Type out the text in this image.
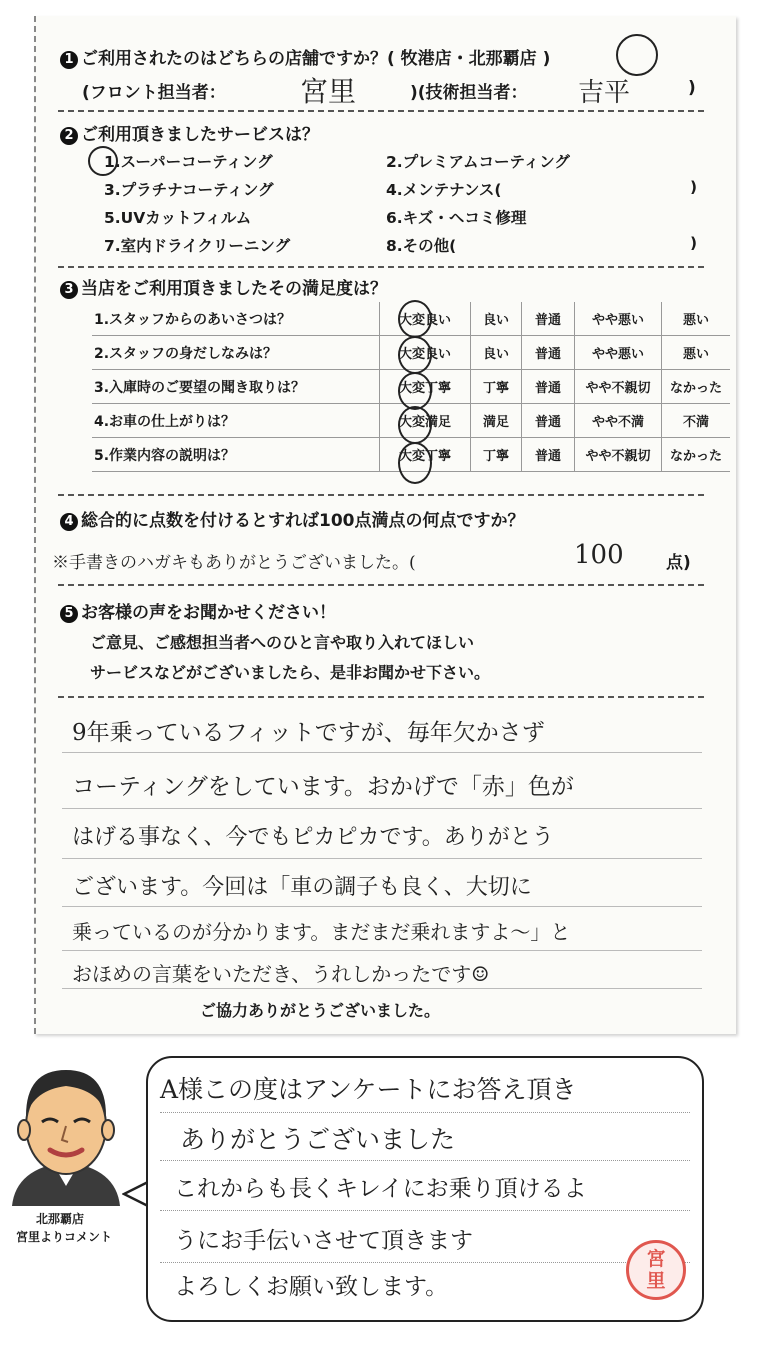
1 ご利用されたのはどちらの店舗ですか？( 牧港店・北那覇店 )
(フロント担当者：	宮里	)(技術担当者： 吉平	)
2 ご利用頂きましたサービスは？
1.スーパーコーティング	2.プレミアムコーティング
3.プラチナコーティング	4.メンテナンス(	)
5.UVカットフィルム	6.キズ・ヘコミ修理
7.室内ドライクリーニング	8.その他(	)
3 当店をご利用頂きましたその満足度は？
1.スタッフからのあいさつは？	大変良い	良い	普通	やや悪い	悪い
2.スタッフの身だしなみは？	大変良い	良い	普通	やや悪い	悪い
3.入庫時のご要望の聞き取りは？	大変丁寧	丁寧	普通	やや不親切	なかった
4.お車の仕上がりは？	大変満足	満足	普通	やや不満	不満
5.作業内容の説明は？	大変丁寧	丁寧	普通	やや不親切	なかった
4 総合的に点数を付けるとすれば100点満点の何点ですか？
※手書きのハガキもありがとうございました。(	100 点)
5 お客様の声をお聞かせください！
ご意見、ご感想担当者へのひと言や取り入れてほしい
サービスなどがございましたら、是非お聞かせ下さい。
9年乗っているフィットですが、毎年欠かさず
コーティングをしています。おかげで「赤」色が
はげる事なく、今でもピカピカです。ありがとう
ございます。今回は「車の調子も良く、大切に
乗っているのが分かります。まだまだ乗れますよ～」と
おほめの言葉をいただき、うれしかったです☺
ご協力ありがとうございました。
北那覇店
宮里よりコメント
A様この度はアンケートにお答え頂き
ありがとうございました
これからも長くキレイにお乗り頂けるよ
うにお手伝いさせて頂きます
よろしくお願い致します。
宮里
